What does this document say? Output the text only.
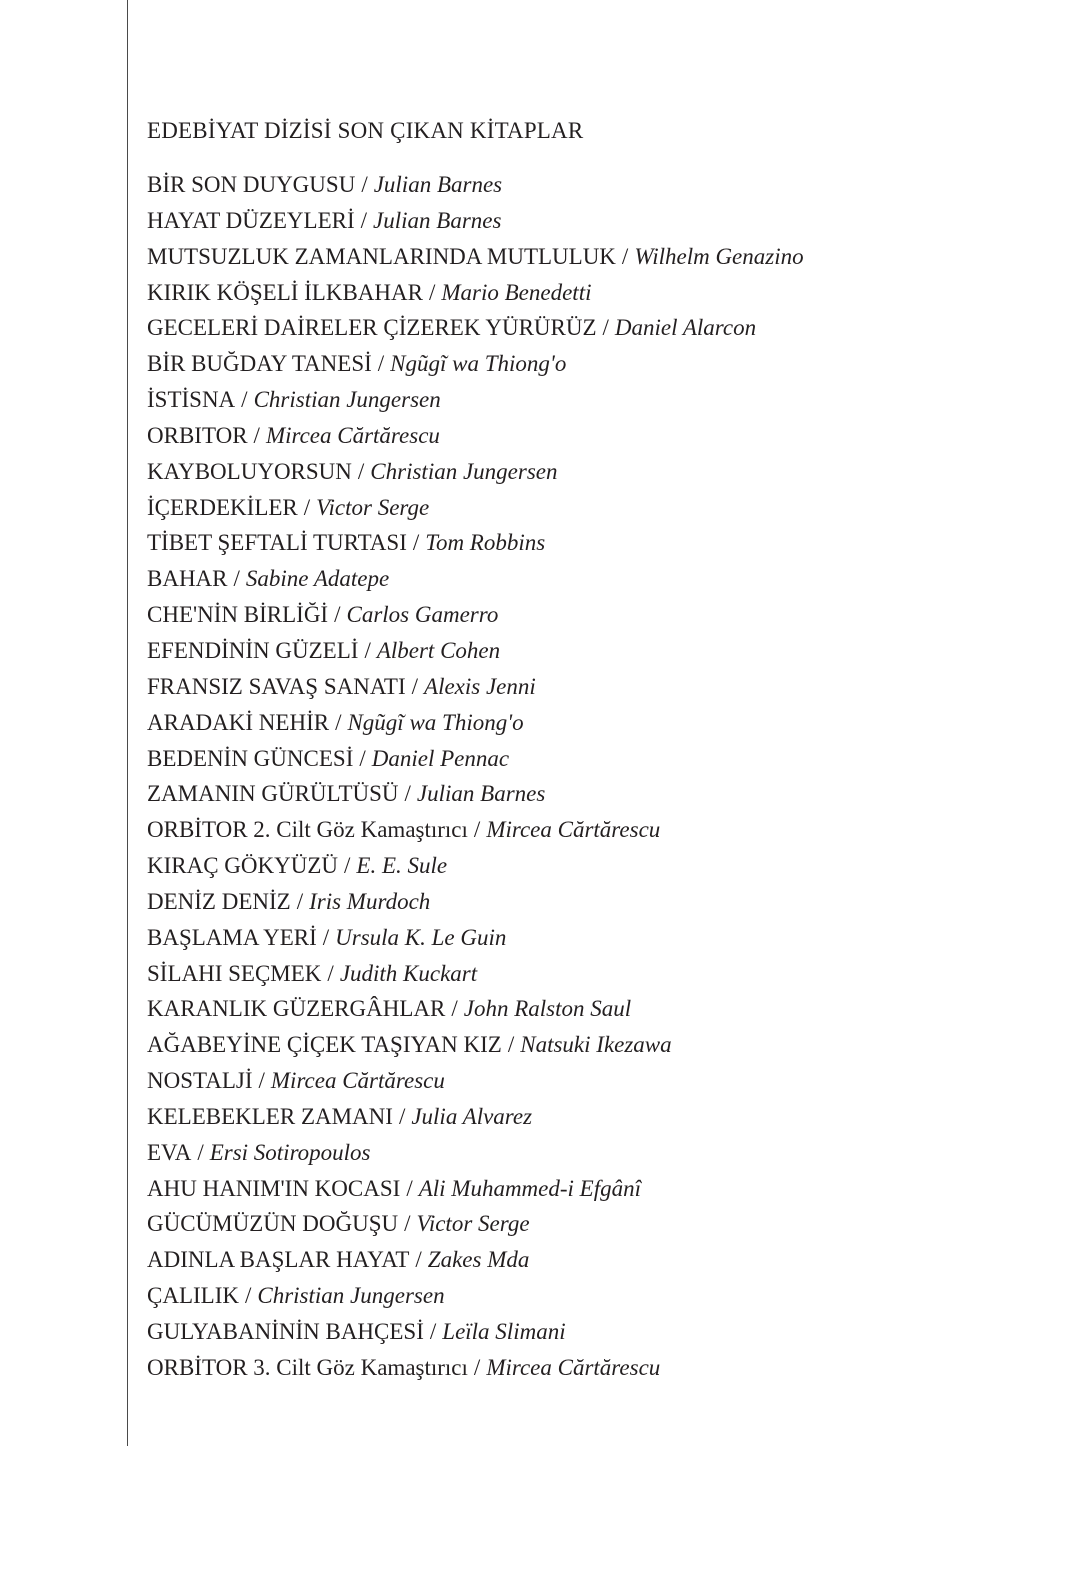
EDEBİYAT DİZİSİ SON ÇIKAN KİTAPLAR
BİR SON DUYGUSU / Julian Barnes
HAYAT DÜZEYLERİ / Julian Barnes
MUTSUZLUK ZAMANLARINDA MUTLULUK / Wilhelm Genazino
KIRIK KÖŞELİ İLKBAHAR / Mario Benedetti
GECELERİ DAİRELER ÇİZEREK YÜRÜRÜZ / Daniel Alarcon
BİR BUĞDAY TANESİ / Ngũgĩ wa Thiong'o
İSTİSNA / Christian Jungersen
ORBITOR / Mircea Cărtărescu
KAYBOLUYORSUN / Christian Jungersen
İÇERDEKİLER / Victor Serge
TİBET ŞEFTALİ TURTASI / Tom Robbins
BAHAR / Sabine Adatepe
CHE'NİN BİRLİĞİ / Carlos Gamerro
EFENDİNİN GÜZELİ / Albert Cohen
FRANSIZ SAVAŞ SANATI / Alexis Jenni
ARADAKİ NEHİR / Ngũgĩ wa Thiong'o
BEDENİN GÜNCESİ / Daniel Pennac
ZAMANIN GÜRÜLTÜSÜ / Julian Barnes
ORBİTOR 2. Cilt Göz Kamaştırıcı / Mircea Cărtărescu
KIRAÇ GÖKYÜZÜ / E. E. Sule
DENİZ DENİZ / Iris Murdoch
BAŞLAMA YERİ / Ursula K. Le Guin
SİLAHI SEÇMEK / Judith Kuckart
KARANLIK GÜZERGÂHLAR / John Ralston Saul
AĞABEYİNE ÇİÇEK TAŞIYAN KIZ / Natsuki Ikezawa
NOSTALJİ / Mircea Cărtărescu
KELEBEKLER ZAMANI / Julia Alvarez
EVA / Ersi Sotiropoulos
AHU HANIM'IN KOCASI / Ali Muhammed-i Efgânî
GÜCÜMÜZÜN DOĞUŞU / Victor Serge
ADINLA BAŞLAR HAYAT / Zakes Mda
ÇALILIK / Christian Jungersen
GULYABANİNİN BAHÇESİ / Leïla Slimani
ORBİTOR 3. Cilt Göz Kamaştırıcı / Mircea Cărtărescu
